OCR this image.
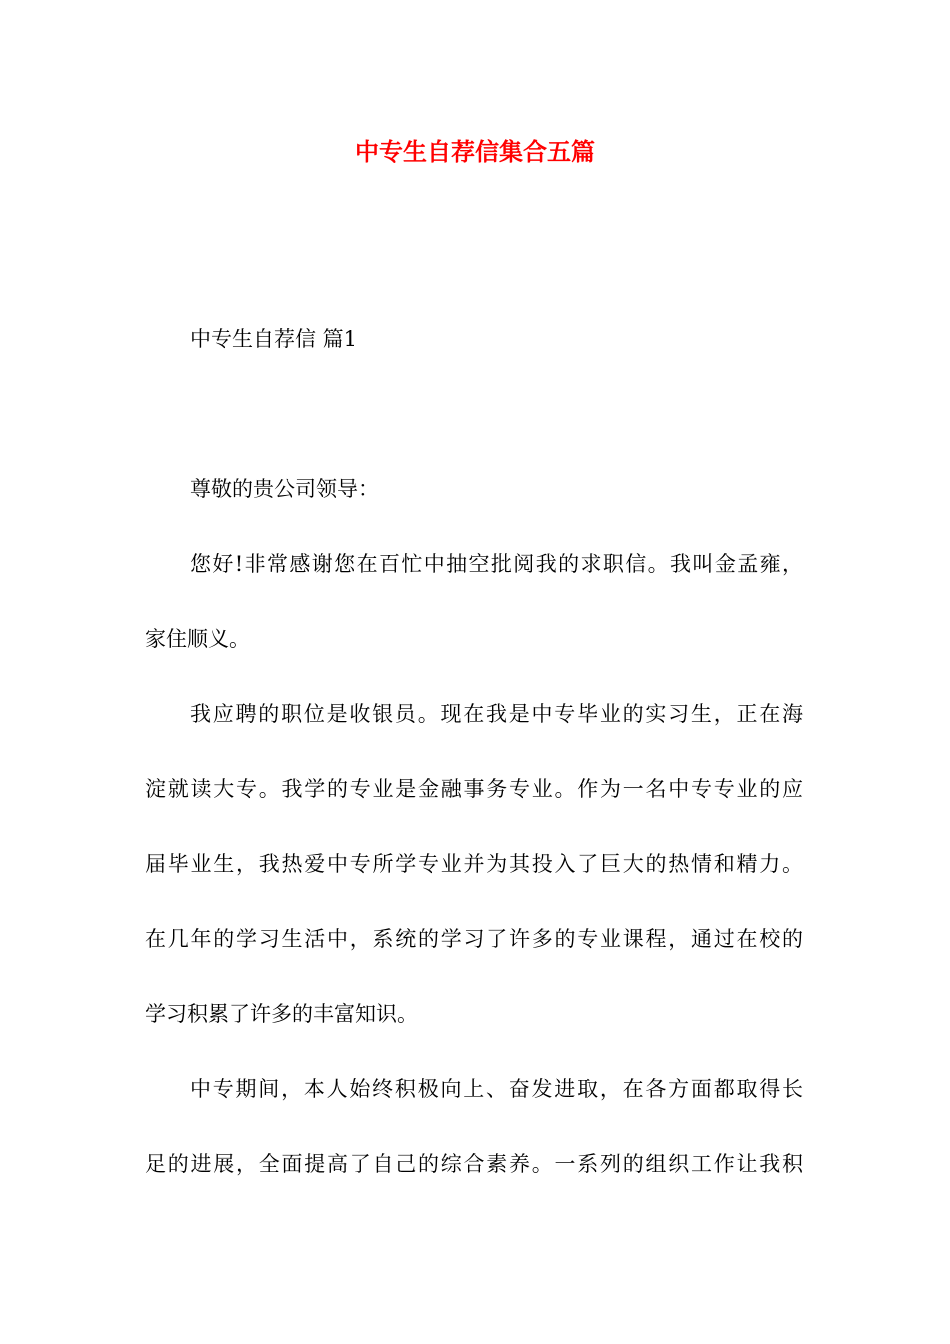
中专生自荐信集合五篇

中专生自荐信 篇1

尊敬的贵公司领导：

您好!非常感谢您在百忙中抽空批阅我的求职信。我叫金孟雍，

家住顺义。

我应聘的职位是收银员。现在我是中专毕业的实习生，正在海

淀就读大专。我学的专业是金融事务专业。作为一名中专专业的应

届毕业生，我热爱中专所学专业并为其投入了巨大的热情和精力。

在几年的学习生活中，系统的学习了许多的专业课程，通过在校的

学习积累了许多的丰富知识。

中专期间，本人始终积极向上、奋发进取，在各方面都取得长

足的进展，全面提高了自己的综合素养。一系列的组织工作让我积
